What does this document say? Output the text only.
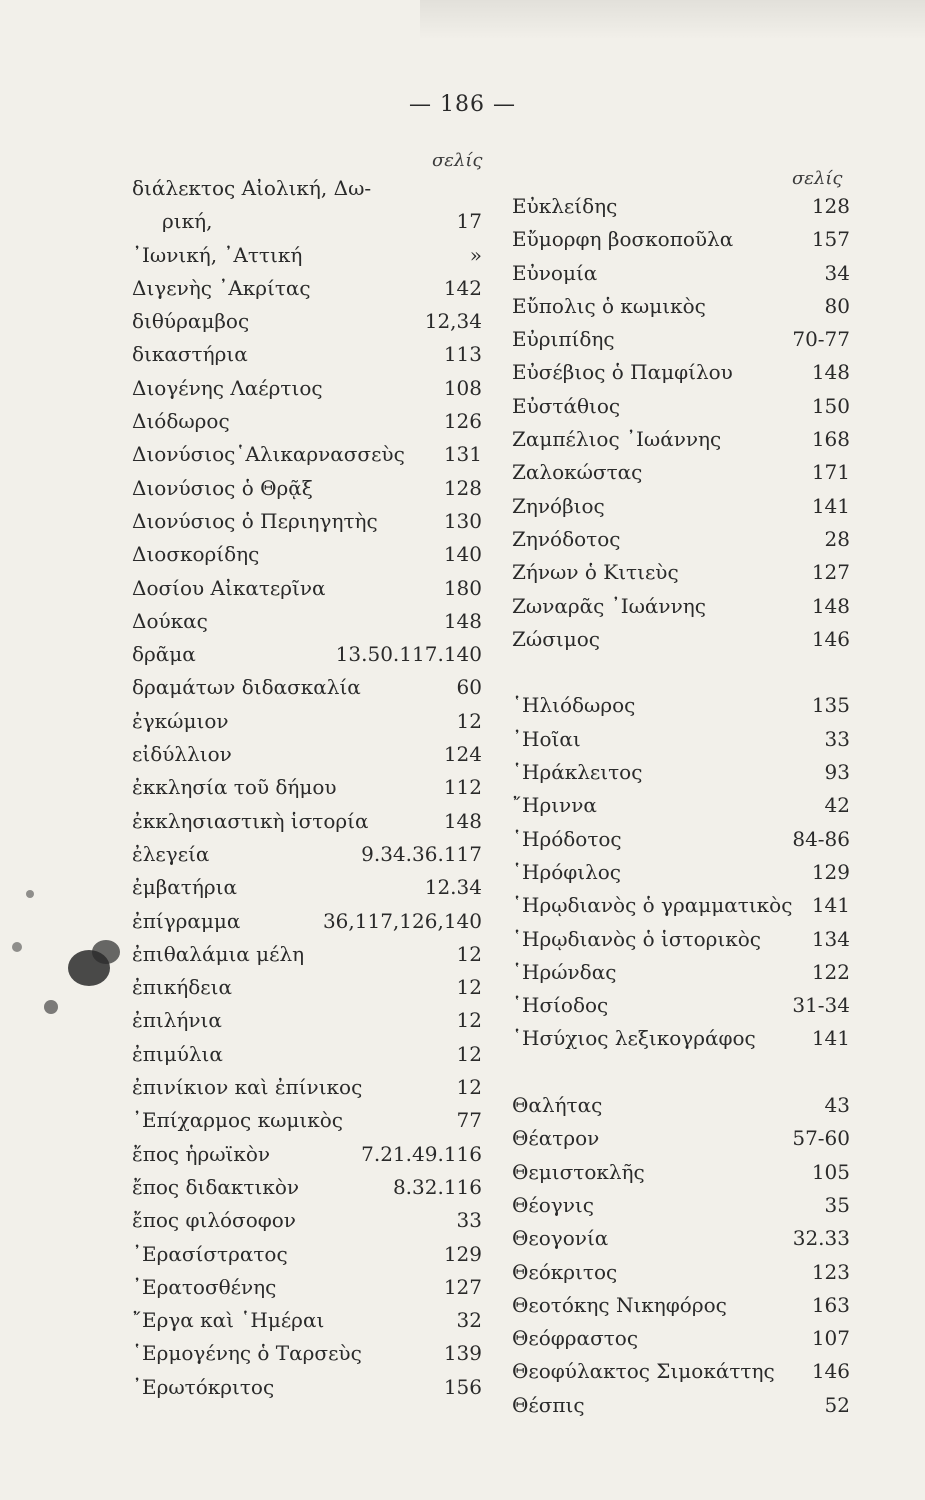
— 186 —
σελίς
σελίς
διάλεκτος Αἰολική, Δω-
ρική,	17
᾿Ιωνική, ᾿Αττική	»
Διγενὴς ᾿Ακρίτας	142
διθύραμβος	12,34
δικαστήρια	113
Διογένης Λαέρτιος	108
Διόδωρος	126
Διονύσιος῾Αλικαρνασσεὺς 131
Διονύσιος ὁ Θρᾷξ	128
Διονύσιος ὁ Περιηγητὴς	130
Διοσκορίδης	140
Δοσίου Αἰκατερῖνα	180
Δούκας	148
δρᾶμα	13.50.117.140
δραμάτων διδασκαλία	60
ἐγκώμιον	12
εἰδύλλιον	124
ἐκκλησία τοῦ δήμου	112
ἐκκλησιαστικὴ ἱστορία	148
ἐλεγεία	9.34.36.117
ἐμβατήρια	12.34
ἐπίγραμμα	36,117,126,140
ἐπιθαλάμια μέλη	12
ἐπικήδεια	12
ἐπιλήνια	12
ἐπιμύλια	12
ἐπινίκιον καὶ ἐπίνικος	12
᾿Επίχαρμος κωμικὸς	77
ἔπος ἡρωϊκὸν	7.21.49.116
ἔπος διδακτικὸν	8.32.116
ἔπος φιλόσοφον	33
᾿Ερασίστρατος	129
᾿Ερατοσθένης	127
῎Εργα καὶ ῾Ημέραι	32
῾Ερμογένης ὁ Ταρσεὺς	139
᾿Ερωτόκριτος	156
Εὐκλείδης	128
Εὔμορφη βοσκοποῦλα	157
Εὐνομία	34
Εὔπολις ὁ κωμικὸς	80
Εὐριπίδης	70-77
Εὐσέβιος ὁ Παμφίλου	148
Εὐστάθιος	150
Ζαμπέλιος ᾿Ιωάννης	168
Ζαλοκώστας	171
Ζηνόβιος	141
Ζηνόδοτος	28
Ζήνων ὁ Κιτιεὺς	127
Ζωναρᾶς ᾿Ιωάννης	148
Ζώσιμος	146
῾Ηλιόδωρος	135
᾿Ηοῖαι	33
῾Ηράκλειτος	93
῎Ηριννα	42
῾Ηρόδοτος	84-86
῾Ηρόφιλος	129
῾Ηρῳδιανὸς ὁ γραμματικὸς 141
῾Ηρῳδιανὸς ὁ ἱστορικὸς	134
῾Ηρώνδας	122
῾Ησίοδος	31-34
῾Ησύχιος λεξικογράφος	141
Θαλήτας	43
Θέατρον	57-60
Θεμιστοκλῆς	105
Θέογνις	35
Θεογονία	32.33
Θεόκριτος	123
Θεοτόκης Νικηφόρος	163
Θεόφραστος	107
Θεοφύλακτος Σιμοκάττης 146
Θέσπις	52
